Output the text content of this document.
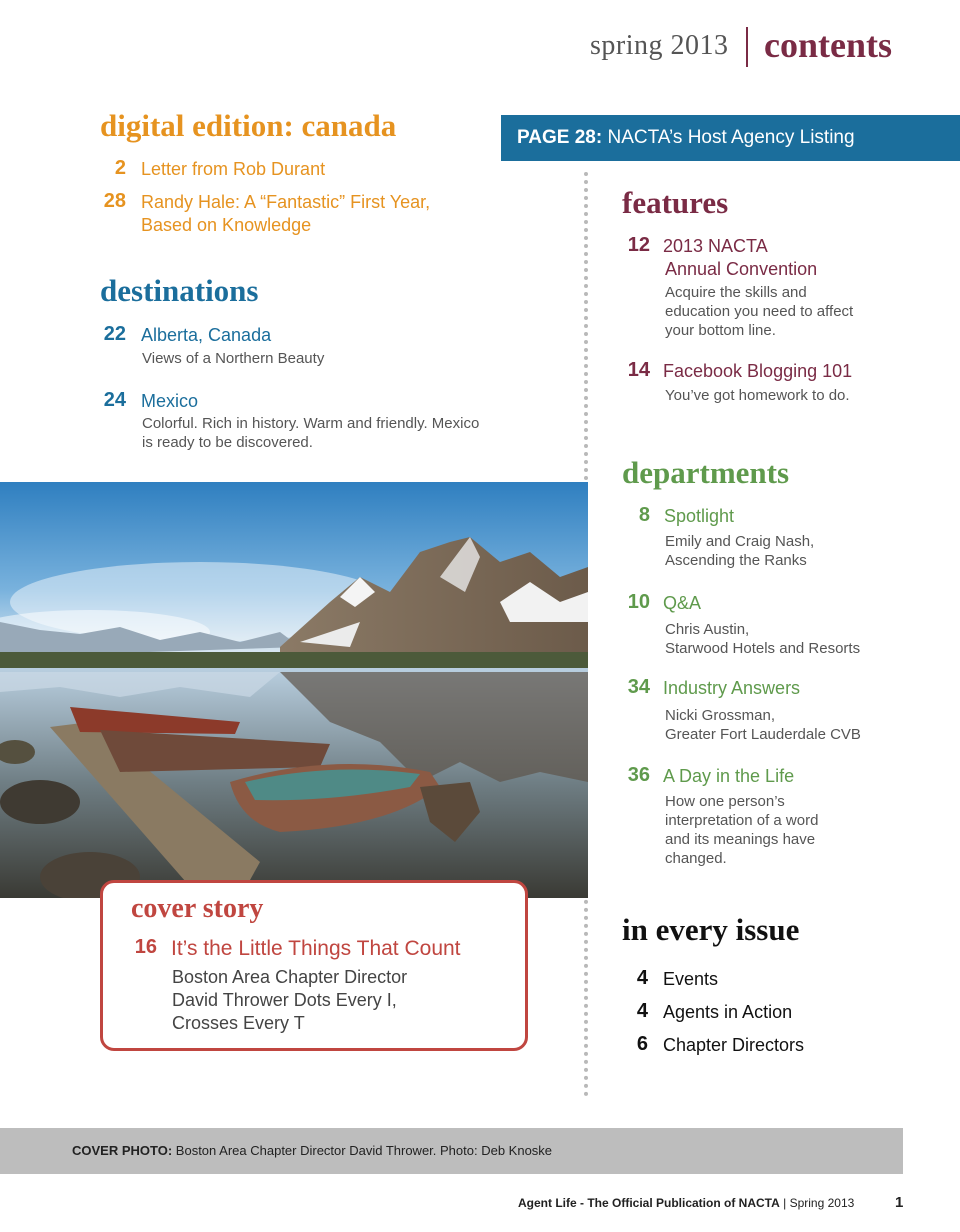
spring 2013 contents
PAGE 28: NACTA’s Host Agency Listing
digital edition: canada
2 Letter from Rob Durant
28 Randy Hale: A “Fantastic” First Year,
Based on Knowledge
destinations
22 Alberta, Canada
Views of a Northern Beauty
24 Mexico
Colorful. Rich in history. Warm and friendly. Mexico
is ready to be discovered.
features
12 2013 NACTA
Annual Convention
Acquire the skills and
education you need to affect
your bottom line.
14 Facebook Blogging 101
You’ve got homework to do.
departments
8 Spotlight
Emily and Craig Nash,
Ascending the Ranks
10 Q&A
Chris Austin,
Starwood Hotels and Resorts
34 Industry Answers
Nicki Grossman,
Greater Fort Lauderdale CVB
36 A Day in the Life
How one person’s
interpretation of a word
and its meanings have
changed.
in every issue
4 Events
4 Agents in Action
6 Chapter Directors
cover story
16 It’s the Little Things That Count
Boston Area Chapter Director
David Thrower Dots Every I,
Crosses Every T
COVER PHOTO: Boston Area Chapter Director David Thrower. Photo: Deb Knoske
Agent Life - The Official Publication of NACTA | Spring 2013	1
